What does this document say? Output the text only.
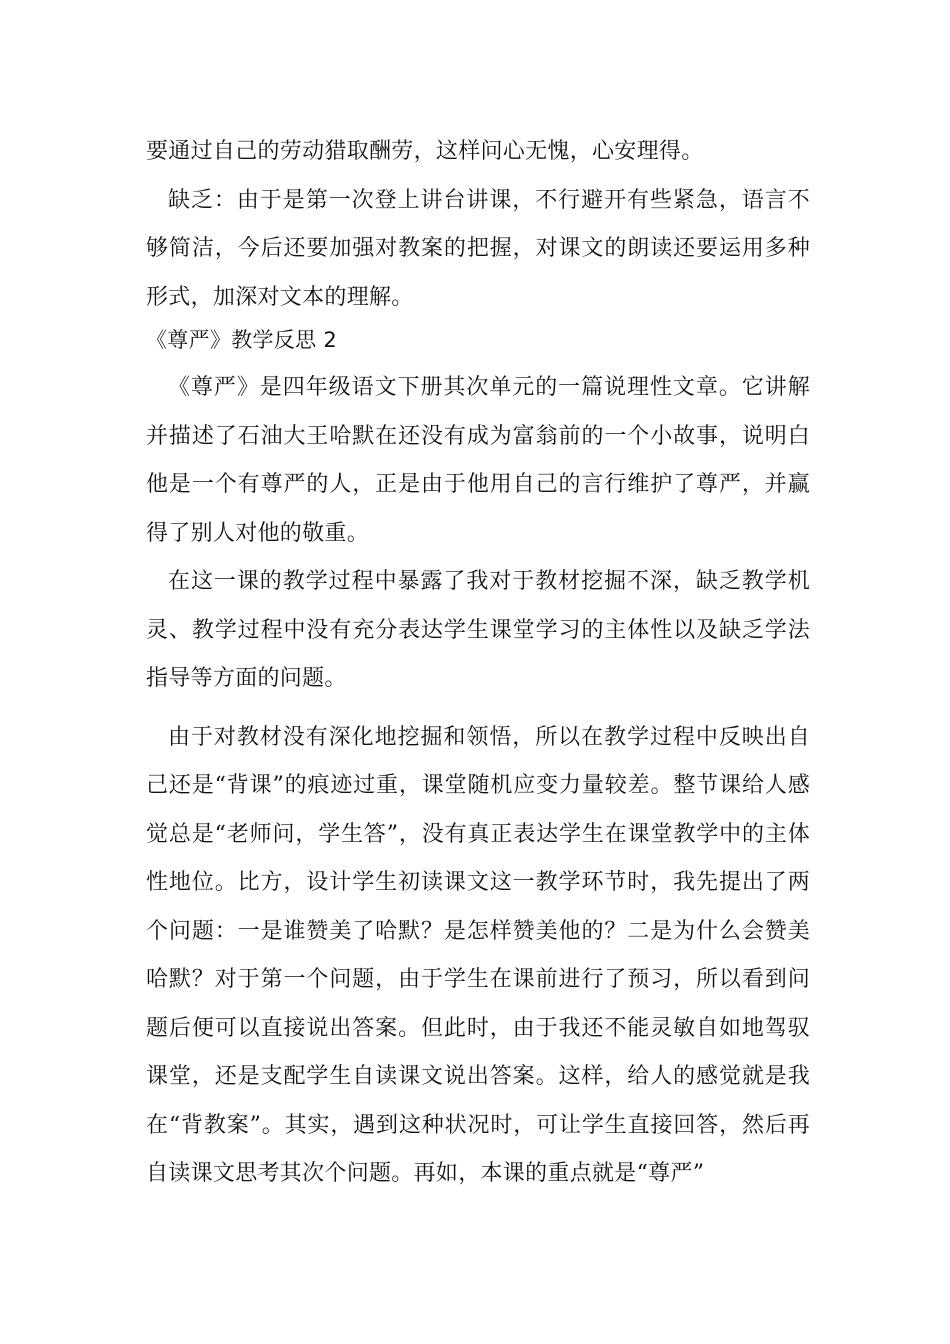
要通过自己的劳动猎取酬劳，这样问心无愧，心安理得。

缺乏：由于是第一次登上讲台讲课，不行避开有些紧急，语言不够简洁，今后还要加强对教案的把握，对课文的朗读还要运用多种形式，加深对文本的理解。

《尊严》教学反思 2

《尊严》是四年级语文下册其次单元的一篇说理性文章。它讲解并描述了石油大王哈默在还没有成为富翁前的一个小故事，说明白他是一个有尊严的人，正是由于他用自己的言行维护了尊严，并赢得了别人对他的敬重。

在这一课的教学过程中暴露了我对于教材挖掘不深，缺乏教学机灵、教学过程中没有充分表达学生课堂学习的主体性以及缺乏学法指导等方面的问题。

由于对教材没有深化地挖掘和领悟，所以在教学过程中反映出自己还是“背课”的痕迹过重，课堂随机应变力量较差。整节课给人感觉总是“老师问，学生答”，没有真正表达学生在课堂教学中的主体性地位。比方，设计学生初读课文这一教学环节时，我先提出了两个问题：一是谁赞美了哈默？是怎样赞美他的？二是为什么会赞美哈默？对于第一个问题，由于学生在课前进行了预习，所以看到问题后便可以直接说出答案。但此时，由于我还不能灵敏自如地驾驭课堂，还是支配学生自读课文说出答案。这样，给人的感觉就是我在“背教案”。其实，遇到这种状况时，可让学生直接回答，然后再自读课文思考其次个问题。再如，本课的重点就是“尊严”
